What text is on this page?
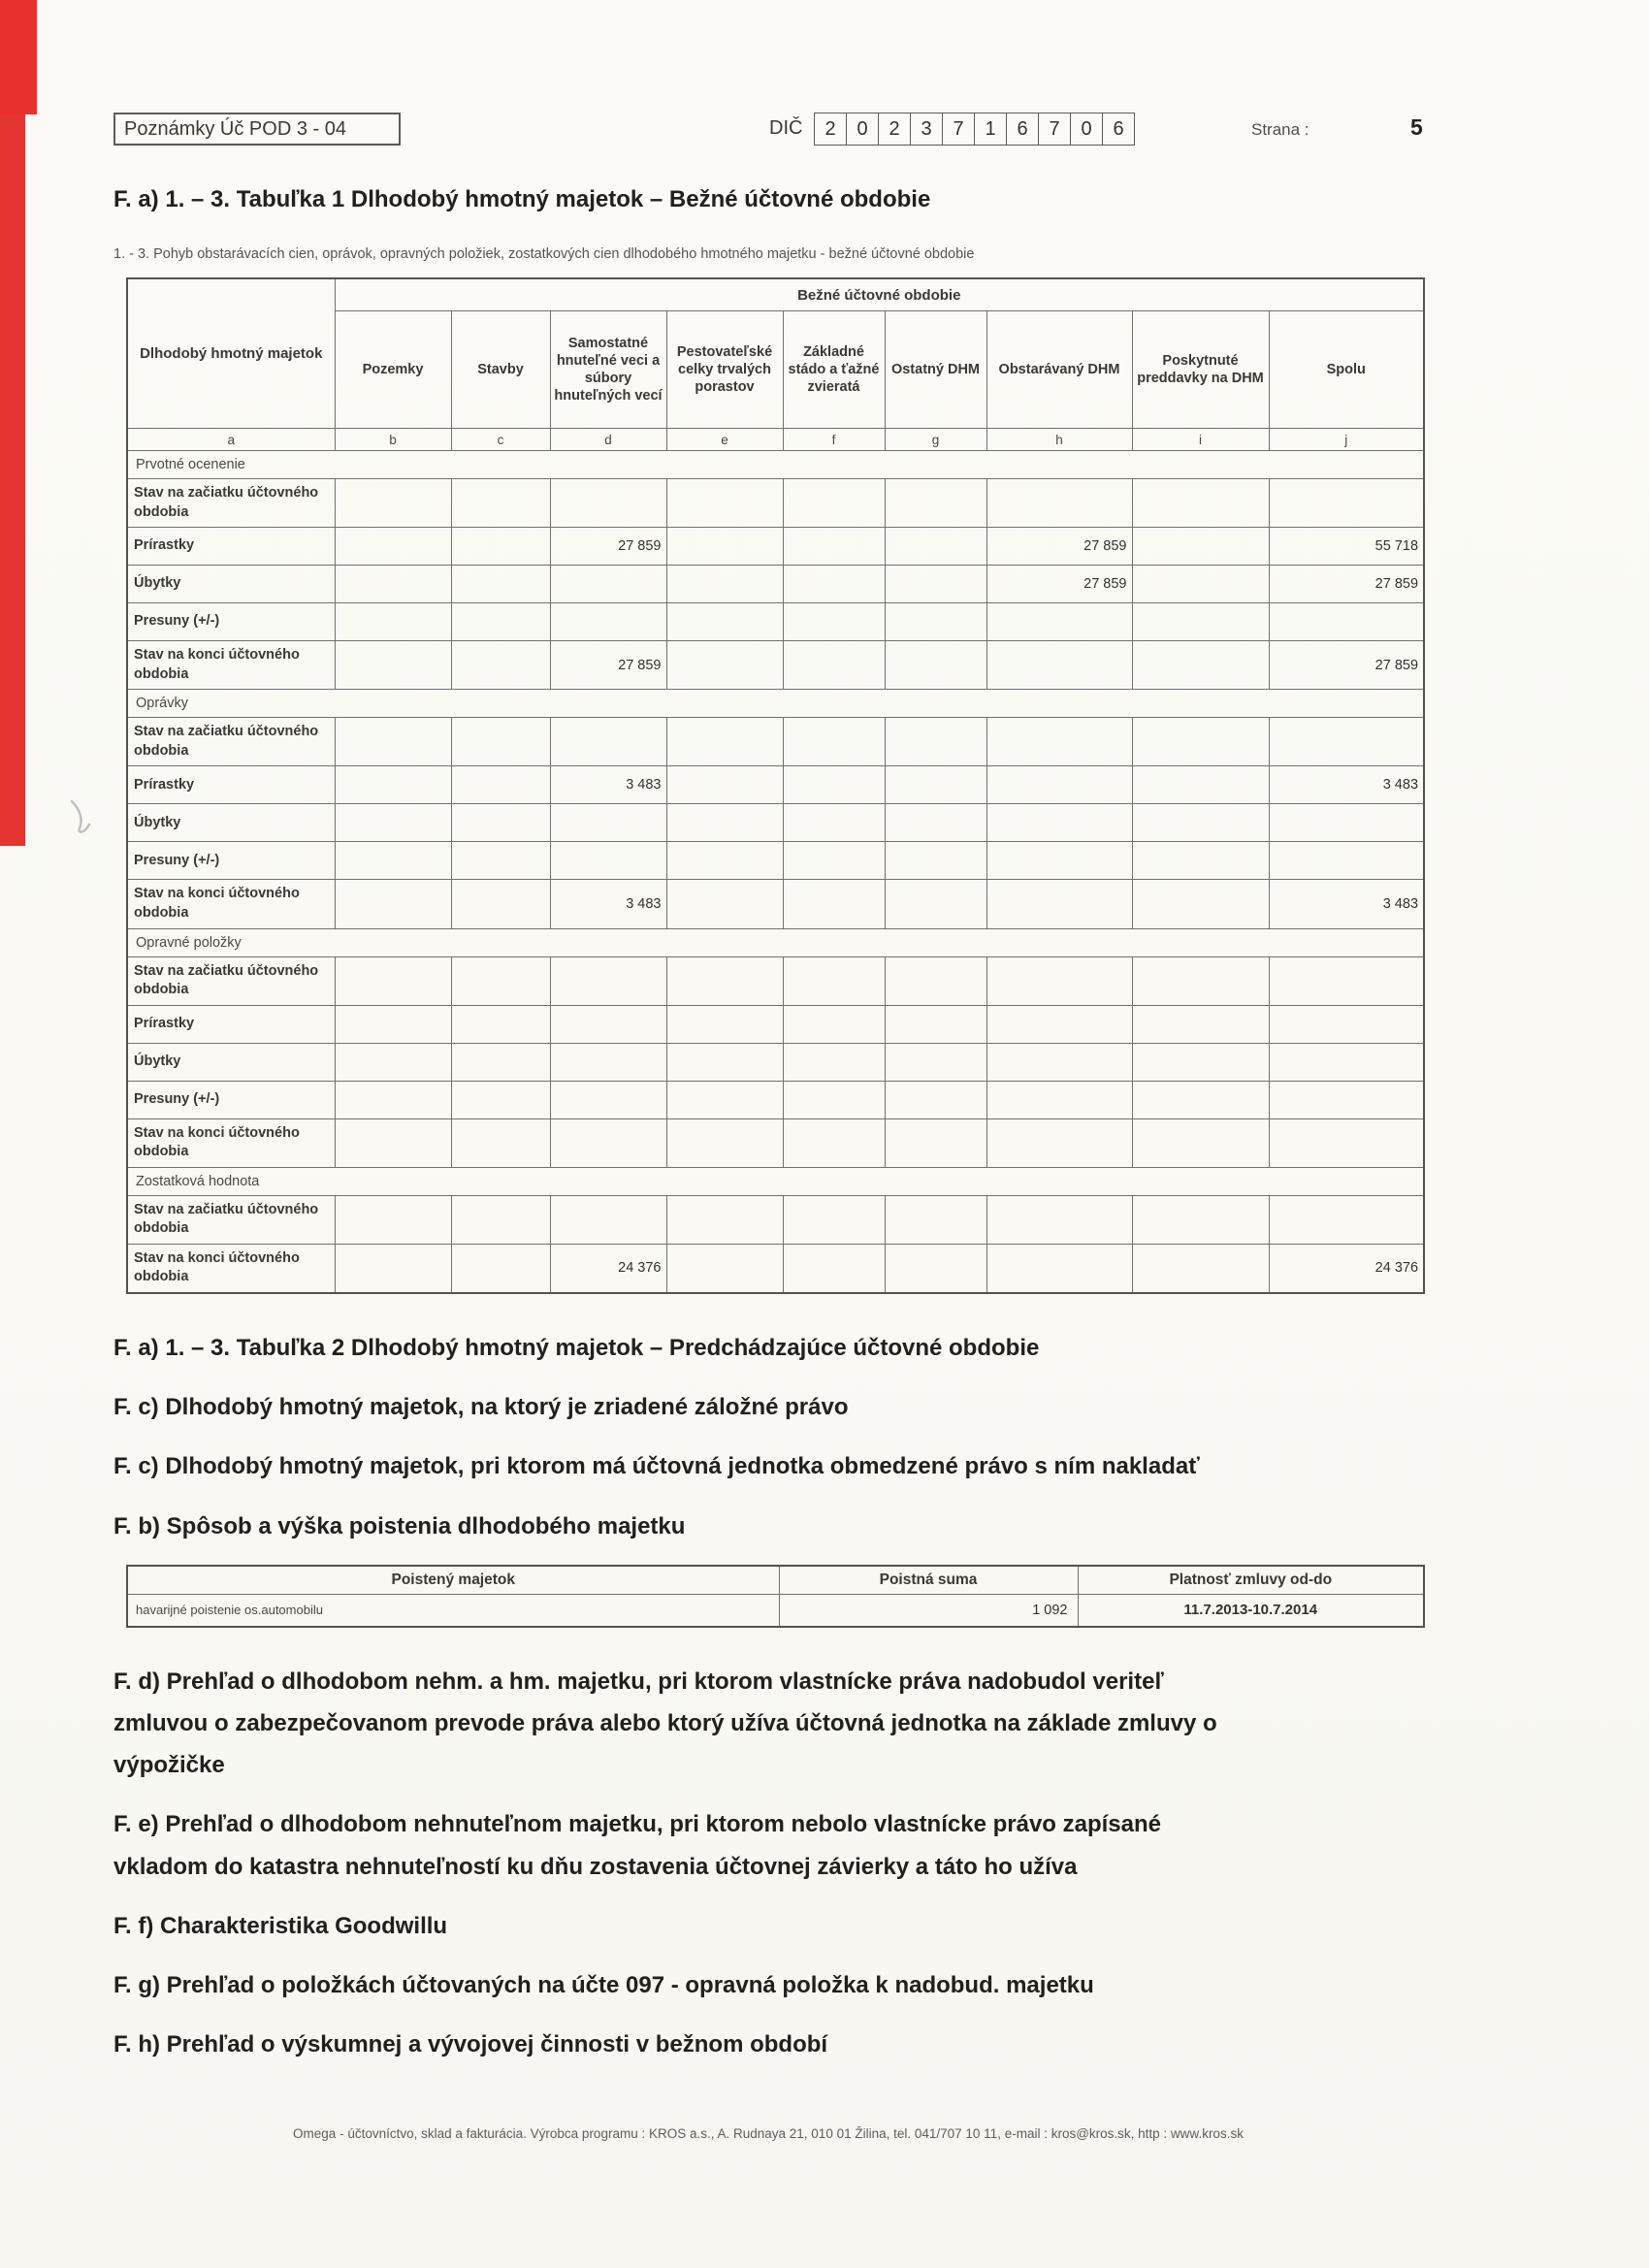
Poznámky Úč POD 3 - 04	DIČ	2	0	2	3	7	1	6	7	0	6	Strana :	5
F. a) 1. – 3. Tabuľka 1 Dlhodobý hmotný majetok – Bežné účtovné obdobie
1. - 3. Pohyb obstarávacích cien, oprávok, opravných položiek, zostatkových cien dlhodobého hmotného majetku - bežné účtovné obdobie
Dlhodobý hmotný majetok	Bežné účtovné obdobie								
	Pozemky	Stavby	Samostatné hnuteľné veci a súbory hnuteľných vecí	Pestovateľské celky trvalých porastov	Základné stádo a ťažné zvieratá	Ostatný DHM	Obstarávaný DHM	Poskytnuté preddavky na DHM	Spolu
a	b	c	d	e	f	g	h	i	j
Prvotné ocenenie									
Stav na začiatku účtovného obdobia									
Prírastky			27 859				27 859		55 718
Úbytky							27 859		27 859
Presuny (+/-)									
Stav na konci účtovného obdobia			27 859						27 859
Oprávky									
Stav na začiatku účtovného obdobia									
Prírastky			3 483						3 483
Úbytky									
Presuny (+/-)									
Stav na konci účtovného obdobia			3 483						3 483
Opravné položky									
Stav na začiatku účtovného obdobia									
Prírastky									
Úbytky									
Presuny (+/-)									
Stav na konci účtovného obdobia									
Zostatková hodnota									
Stav na začiatku účtovného obdobia									
Stav na konci účtovného obdobia			24 376						24 376
F. a) 1. – 3. Tabuľka 2 Dlhodobý hmotný majetok – Predchádzajúce účtovné obdobie
F. c) Dlhodobý hmotný majetok, na ktorý je zriadené záložné právo
F. c) Dlhodobý hmotný majetok, pri ktorom má účtovná jednotka obmedzené právo s ním nakladať
F. b) Spôsob a výška poistenia dlhodobého majetku
Poistený majetok	Poistná suma	Platnosť zmluvy od-do
havarijné poistenie os.automobilu	1 092	11.7.2013-10.7.2014
F. d) Prehľad o dlhodobom nehm. a hm. majetku, pri ktorom vlastnícke práva nadobudol veriteľ zmluvou o zabezpečovanom prevode práva alebo ktorý užíva účtovná jednotka na základe zmluvy o výpožičke
F. e) Prehľad o dlhodobom nehnuteľnom majetku, pri ktorom nebolo vlastnícke právo zapísané vkladom do katastra nehnuteľností ku dňu zostavenia účtovnej závierky a táto ho užíva
F. f) Charakteristika Goodwillu
F. g) Prehľad o položkách účtovaných na účte 097 - opravná položka k nadobud. majetku
F. h) Prehľad o výskumnej a vývojovej činnosti v bežnom období
Omega - účtovníctvo, sklad a fakturácia. Výrobca programu : KROS a.s., A. Rudnaya 21, 010 01 Žilina, tel. 041/707 10 11, e-mail : kros@kros.sk, http : www.kros.sk
